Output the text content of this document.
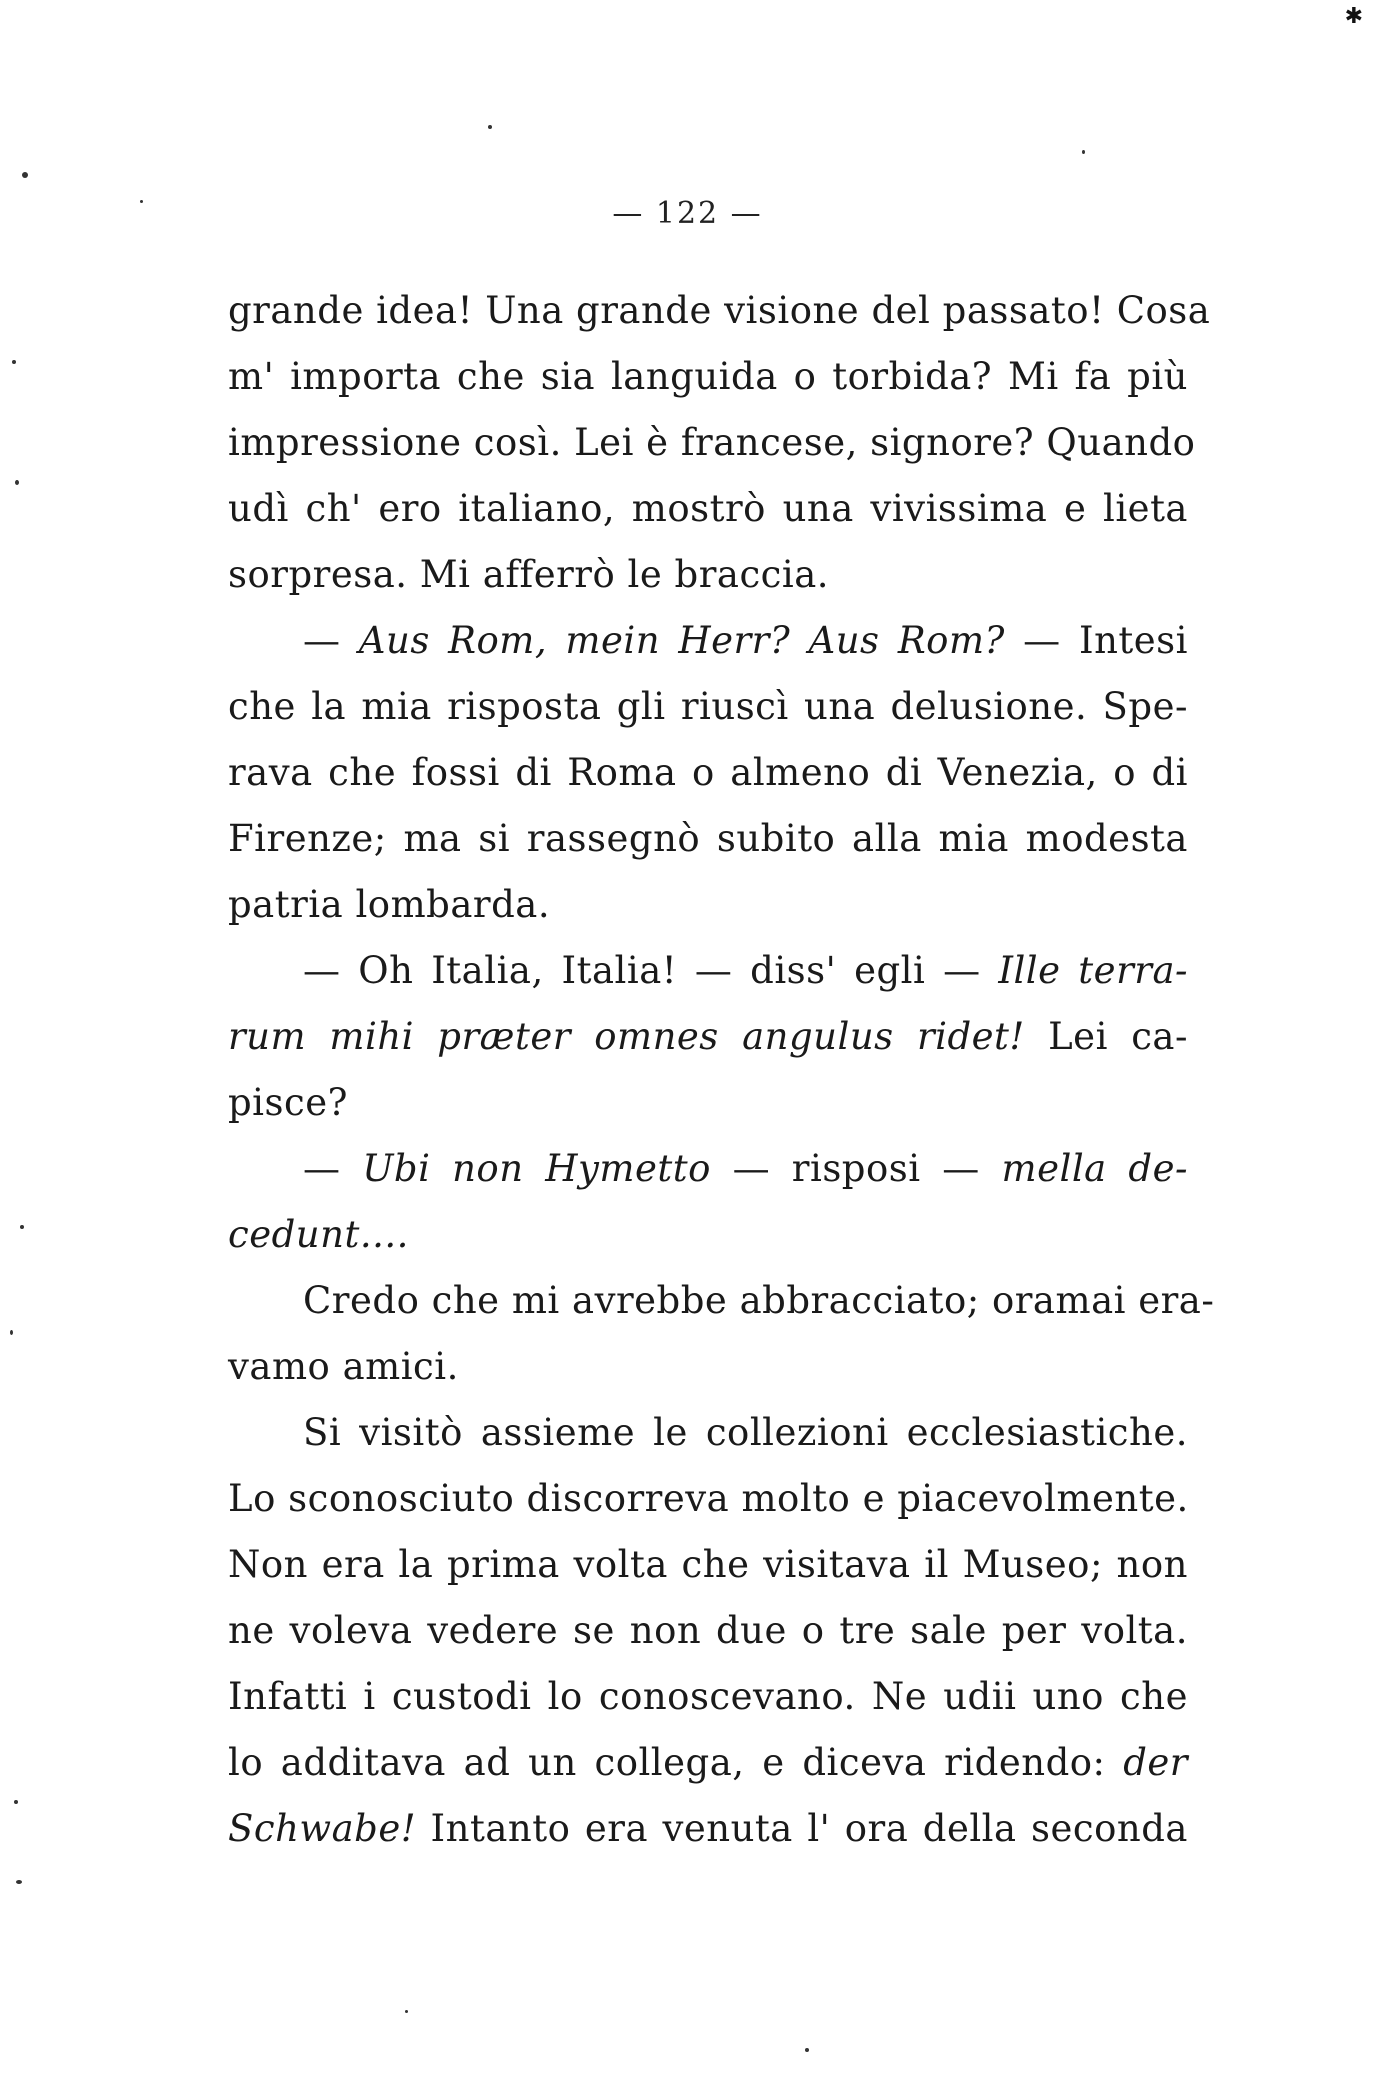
✱
— 122 —
grande idea! Una grande visione del passato! Cosa
m' importa che sia languida o torbida? Mi fa più
impressione così. Lei è francese, signore? Quando
udì ch' ero italiano, mostrò una vivissima e lieta
sorpresa. Mi afferrò le braccia.
— Aus Rom, mein Herr? Aus Rom? — Intesi
che la mia risposta gli riuscì una delusione. Spe-
rava che fossi di Roma o almeno di Venezia, o di
Firenze; ma si rassegnò subito alla mia modesta
patria lombarda.
— Oh Italia, Italia! — diss' egli — Ille terra-
rum mihi præter omnes angulus ridet! Lei ca-
pisce?
— Ubi non Hymetto — risposi — mella de-
cedunt....
Credo che mi avrebbe abbracciato; oramai era-
vamo amici.
Si visitò assieme le collezioni ecclesiastiche.
Lo sconosciuto discorreva molto e piacevolmente.
Non era la prima volta che visitava il Museo; non
ne voleva vedere se non due o tre sale per volta.
Infatti i custodi lo conoscevano. Ne udii uno che
lo additava ad un collega, e diceva ridendo: der
Schwabe! Intanto era venuta l' ora della seconda
